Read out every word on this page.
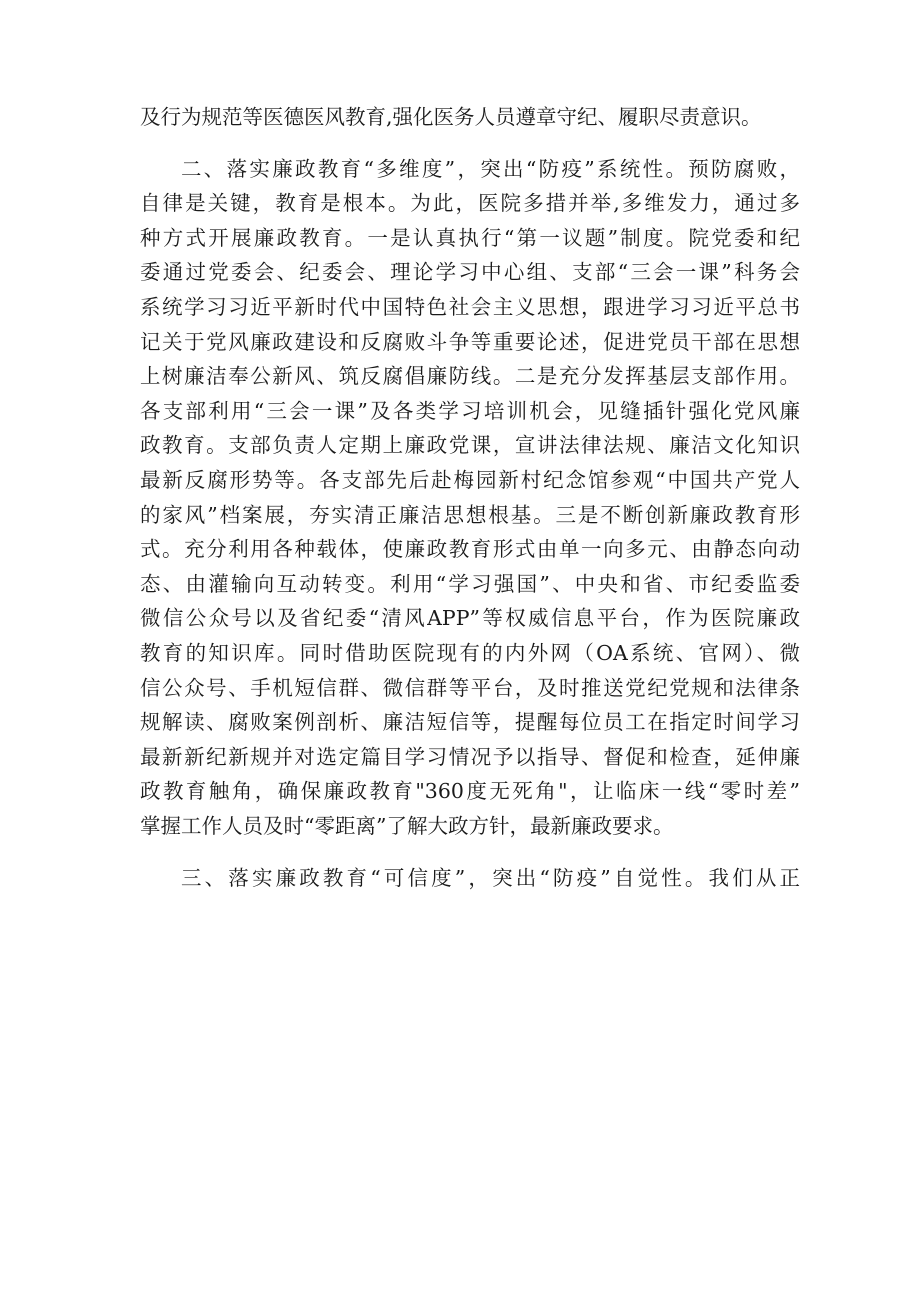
及行为规范等医德医风教育,强化医务人员遵章守纪、履职尽责意识。

二、落实廉政教育“多维度”，突出“防疫”系统性。预防腐败，
自律是关键，教育是根本。为此，医院多措并举,多维发力，通过多
种方式开展廉政教育。一是认真执行“第一议题”制度。院党委和纪
委通过党委会、纪委会、理论学习中心组、支部“三会一课”科务会
系统学习习近平新时代中国特色社会主义思想，跟进学习习近平总书
记关于党风廉政建设和反腐败斗争等重要论述，促进党员干部在思想
上树廉洁奉公新风、筑反腐倡廉防线。二是充分发挥基层支部作用。
各支部利用“三会一课”及各类学习培训机会，见缝插针强化党风廉
政教育。支部负责人定期上廉政党课，宣讲法律法规、廉洁文化知识
最新反腐形势等。各支部先后赴梅园新村纪念馆参观“中国共产党人
的家风”档案展，夯实清正廉洁思想根基。三是不断创新廉政教育形
式。充分利用各种载体，使廉政教育形式由单一向多元、由静态向动
态、由灌输向互动转变。利用“学习强国”、中央和省、市纪委监委
微信公众号以及省纪委“清风APP”等权威信息平台，作为医院廉政
教育的知识库。同时借助医院现有的内外网（OA系统、官网）、微
信公众号、手机短信群、微信群等平台，及时推送党纪党规和法律条
规解读、腐败案例剖析、廉洁短信等，提醒每位员工在指定时间学习
最新新纪新规并对选定篇目学习情况予以指导、督促和检查，延伸廉
政教育触角，确保廉政教育"360度无死角"，让临床一线“零时差”
掌握工作人员及时“零距离”了解大政方针，最新廉政要求。

三、落实廉政教育“可信度”，突出“防疫”自觉性。我们从正
